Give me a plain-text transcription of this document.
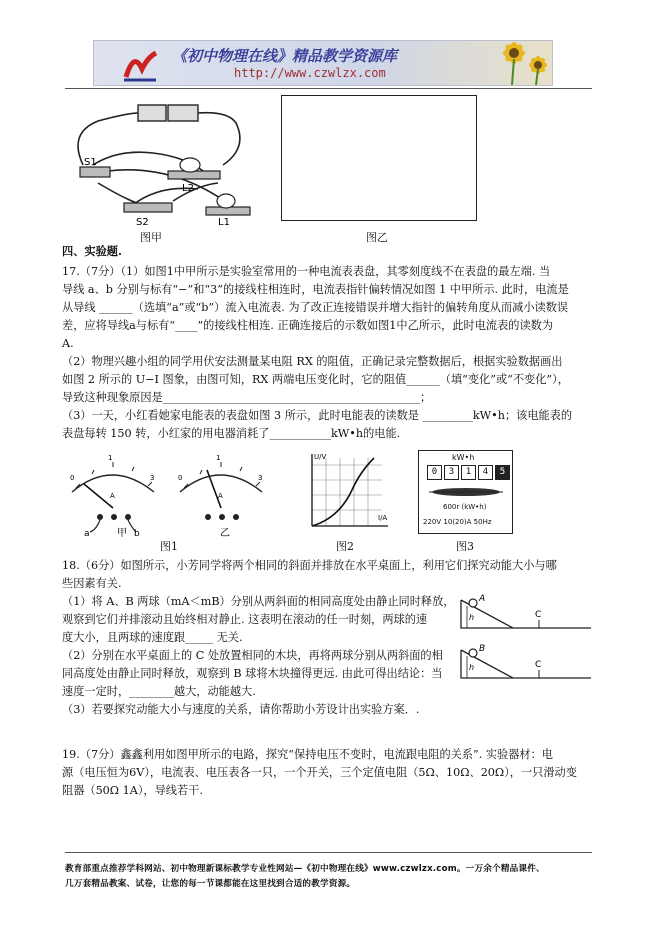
《初中物理在线》精品教学资源库
http://www.czwlzx.com
S1
L2
S2	L1
图甲	图乙
四、实验题.
17.（7分）（1）如图1中甲所示是实验室常用的一种电流表表盘，其零刻度线不在表盘的最左端. 当
导线 a、b 分别与标有“−”和“3”的接线柱相连时，电流表指针偏转情况如图 1 中甲所示. 此时，电流是
从导线 ______（选填“a”或“b”）流入电流表. 为了改正连接错误并增大指针的偏转角度从而减小读数误
差，应将导线a与标有“____”的接线柱相连. 正确连接后的示数如图1中乙所示，此时电流表的读数为
A.
（2）物理兴趣小组的同学用伏安法测量某电阻 RX 的阻值，正确记录完整数据后，根据实验数据画出
如图 2 所示的 U−I 图象，由图可知，RX 两端电压变化时，它的阻值______（填“变化”或“不变化”），
导致这种现象原因是______________________________________________；
（3）一天，小红看她家电能表的表盘如图 3 所示，此时电能表的读数是 _________kW•h；该电能表的
表盘每转 150 转，小红家的用电器消耗了___________kW•h的电能.
0
1
3	0
1
3
A	A
a	b
甲	乙
图1
U/V
I/A
图2
kW•h
0	3	1	4	5
600r (kW•h)
220V 10(20)A 50Hz
图3
18.（6分）如图所示，小芳同学将两个相同的斜面并排放在水平桌面上，利用它们探究动能大小与哪
些因素有关.
（1）将 A、B 两球（mA＜mB）分别从两斜面的相同高度处由静止同时释放，
观察到它们并排滚动且始终相对静止. 这表明在滚动的任一时刻，两球的速
度大小，且两球的速度跟_____ 无关.
（2）分别在水平桌面上的 C 处放置相同的木块，再将两球分别从两斜面的相
同高度处由静止同时释放，观察到 B 球将木块撞得更远. 由此可得出结论：当
速度一定时，________越大，动能越大.
（3）若要探究动能大小与速度的关系，请你帮助小芳设计出实验方案．.
A
B
h
h
C
C
19.（7分）鑫鑫利用如图甲所示的电路，探究“保持电压不变时，电流跟电阻的关系”. 实验器材：电
源（电压恒为6V），电流表、电压表各一只，一个开关，三个定值电阻（5Ω、10Ω、20Ω），一只滑动变
阻器（50Ω 1A），导线若干.
教育部重点推荐学科网站、初中物理新课标教学专业性网站—《初中物理在线》www.czwlzx.com。一万余个精品课件、
几万套精品教案、试卷，让您的每一节课都能在这里找到合适的教学资源。
